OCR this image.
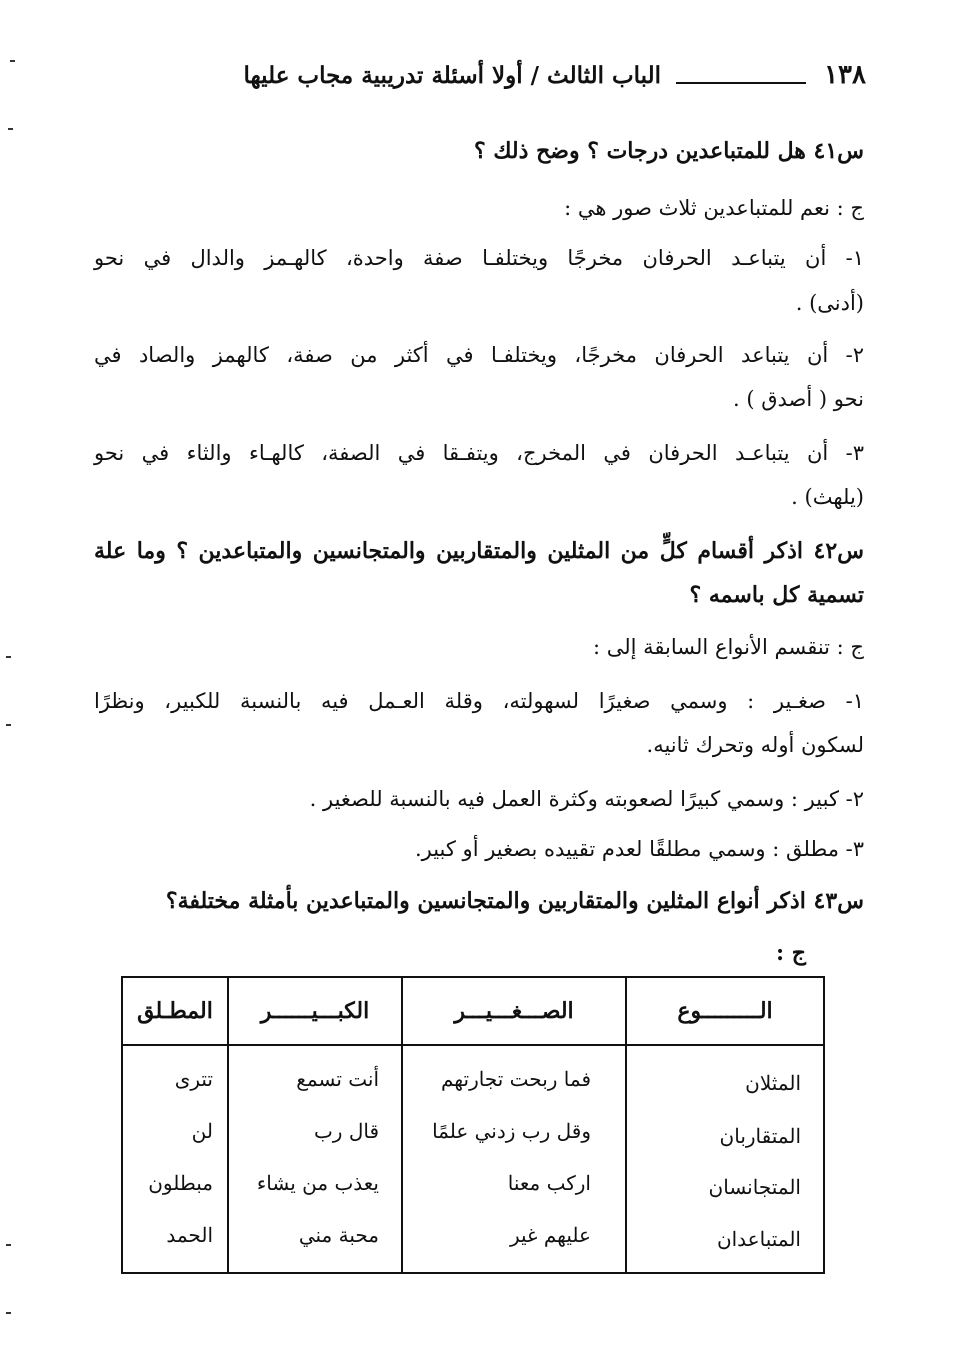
١٣٨
الباب الثالث / أولا أسئلة تدريبية مجاب عليها
س٤١ هل للمتباعدين درجات ؟ وضح ذلك ؟
ج : نعم للمتباعدين ثلاث صور هي :
١- أن يتباعـد الحرفان مخرجًا ويختلفـا صفة واحدة، كالهـمز والدال في نحو
(أدنى) .
٢- أن يتباعد الحرفان مخرجًا، ويختلفـا في أكثر من صفة، كالهمز والصاد في
نحو ( أصدق ) .
٣- أن يتباعـد الحرفان في المخرج، ويتفـقا في الصفة، كالهـاء والثاء في نحو
(يلهث) .
س٤٢ اذكر أقسام كلٍّ من المثلين والمتقاربين والمتجانسين والمتباعدين ؟ وما علة
تسمية كل باسمه ؟
ج : تنقسم الأنواع السابقة إلى :
١- صغـير : وسمي صغيرًا لسهولته، وقلة العـمل فيه بالنسبة للكبير، ونظرًا
لسكون أوله وتحرك ثانيه.
٢- كبير : وسمي كبيرًا لصعوبته وكثرة العمل فيه بالنسبة للصغير .
٣- مطلق : وسمي مطلقًا لعدم تقييده بصغير أو كبير.
س٤٣ اذكر أنواع المثلين والمتقاربين والمتجانسين والمتباعدين بأمثلة مختلفة؟
ج :
الـــــــــوع
المثلان
المتقاربان
المتجانسان
المتباعدان
الصـــغـــيـــر
فما ربحت تجارتهم
وقل رب زدني علمًا
اركب معنا
عليهم غير
الكبـــيــــــر
أنت تسمع
قال رب
يعذب من يشاء
محبة مني
المطـلق
تترى
لن
مبطلون
الحمد
